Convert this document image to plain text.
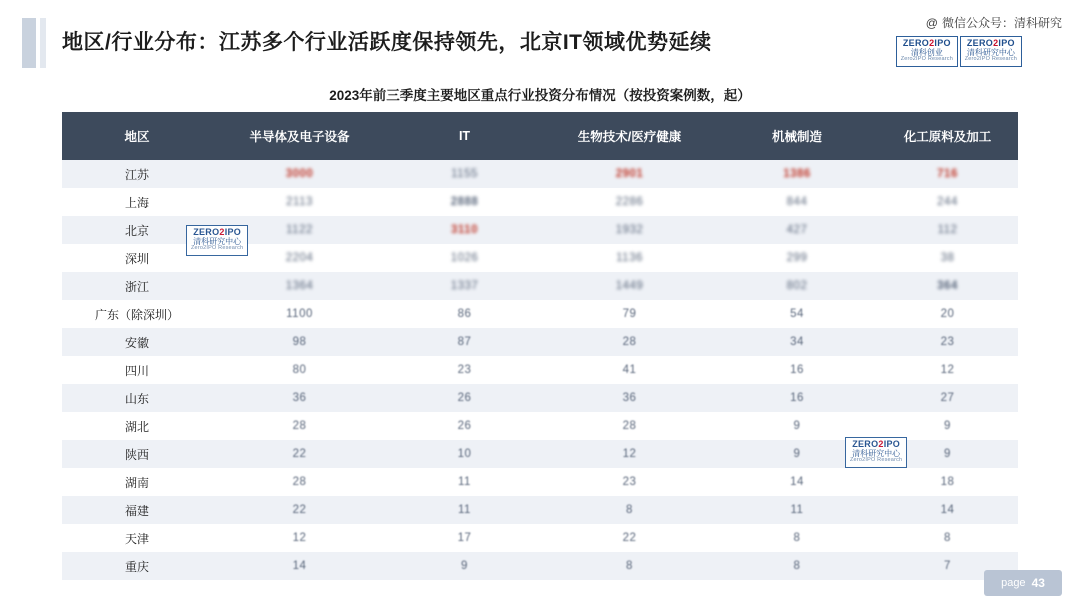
地区/行业分布：江苏多个行业活跃度保持领先，北京IT领域优势延续
@ 微信公众号：清科研究
ZERO2IPO
清科创业
Zero2IPO Research
ZERO2IPO
清科研究中心
Zero2IPO Research
2023年前三季度主要地区重点行业投资分布情况（按投资案例数，起）
地区	半导体及电子设备	IT	生物技术/医疗健康	机械制造	化工原料及加工
江苏	3000	1155	2901	1386	716
上海	2113	2888	2286	844	244
北京	1122	3110	1932	427	112
深圳	2204	1026	1136	299	38
浙江	1364	1337	1449	802	364
广东（除深圳）	1100	86	79	54	20
安徽	98	87	28	34	23
四川	80	23	41	16	12
山东	36	26	36	16	27
湖北	28	26	28	9	9
陕西	22	10	12	9	9
湖南	28	11	23	14	18
福建	22	11	8	11	14
天津	12	17	22	8	8
重庆	14	9	8	8	7
ZERO2IPO
清科研究中心
Zero2IPO Research
ZERO2IPO
清科研究中心
Zero2IPO Research
page 43
